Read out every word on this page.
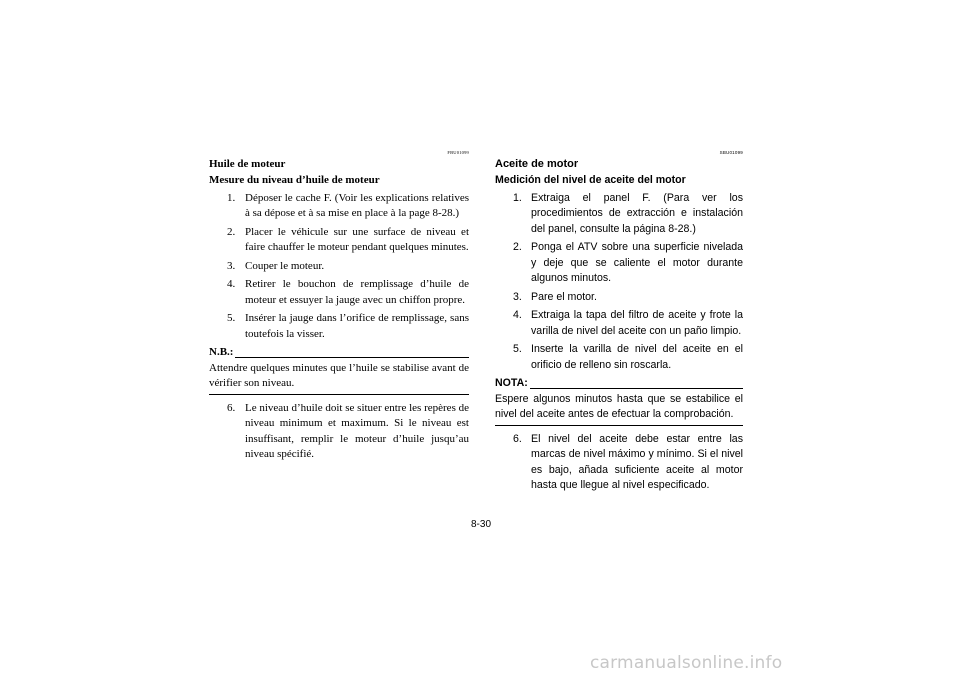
FBU01099
Huile de moteur
Mesure du niveau d’huile de moteur
1. Déposer le cache F. (Voir les explications relatives à sa dépose et à sa mise en place à la page 8-28.)
2. Placer le véhicule sur une surface de niveau et faire chauffer le moteur pendant quelques minutes.
3. Couper le moteur.
4. Retirer le bouchon de remplissage d’huile de moteur et essuyer la jauge avec un chiffon propre.
5. Insérer la jauge dans l’orifice de remplissage, sans toutefois la visser.
N.B.:
Attendre quelques minutes que l’huile se stabilise avant de vérifier son niveau.
6. Le niveau d’huile doit se situer entre les repères de niveau minimum et maximum. Si le niveau est insuffisant, remplir le moteur d’huile jusqu’au niveau spécifié.
SBU01099
Aceite de motor
Medición del nivel de aceite del motor
1. Extraiga el panel F. (Para ver los procedimientos de extracción e instalación del panel, consulte la página 8-28.)
2. Ponga el ATV sobre una superficie nivelada y deje que se caliente el motor durante algunos minutos.
3. Pare el motor.
4. Extraiga la tapa del filtro de aceite y frote la varilla de nivel del aceite con un paño limpio.
5. Inserte la varilla de nivel del aceite en el orificio de relleno sin roscarla.
NOTA:
Espere algunos minutos hasta que se estabilice el nivel del aceite antes de efectuar la comprobación.
6. El nivel del aceite debe estar entre las marcas de nivel máximo y mínimo. Si el nivel es bajo, añada suficiente aceite al motor hasta que llegue al nivel especificado.
8-30
carmanualsonline.info
